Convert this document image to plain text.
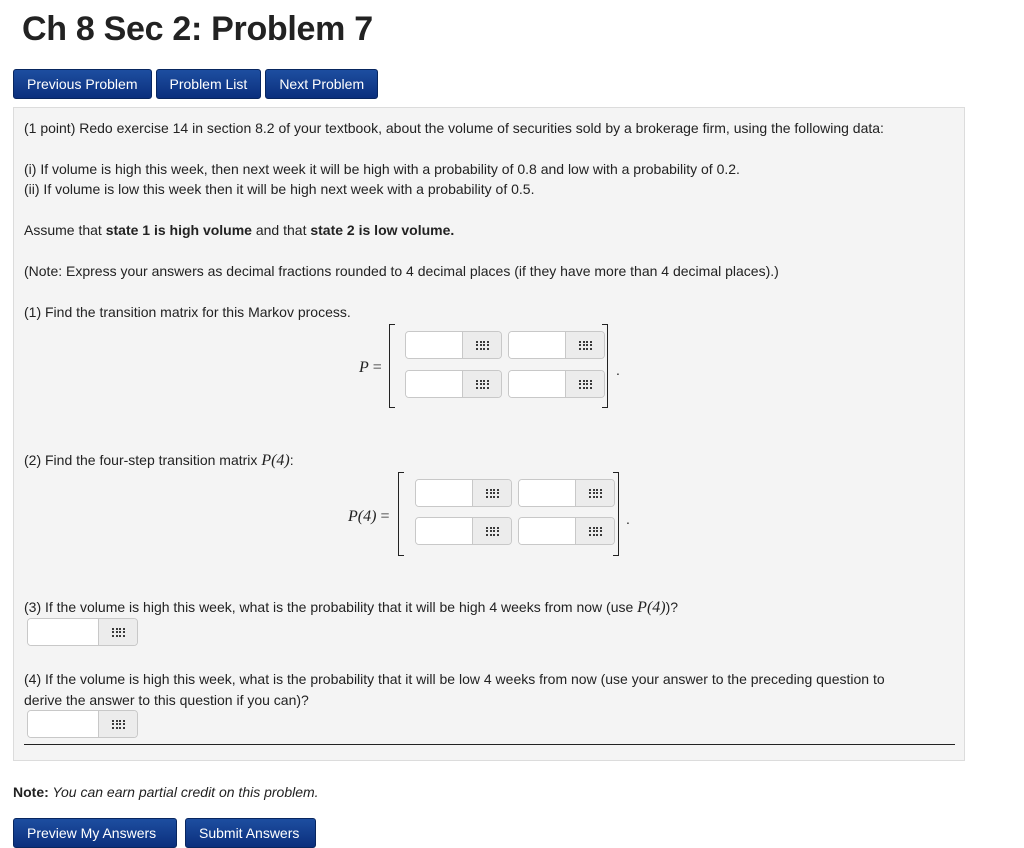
Ch 8 Sec 2: Problem 7
Previous Problem	Problem List	Next Problem

(1 point) Redo exercise 14 in section 8.2 of your textbook, about the volume of securities sold by a brokerage firm, using the following data:

(i) If volume is high this week, then next week it will be high with a probability of 0.8 and low with a probability of 0.2.

(ii) If volume is low this week then it will be high next week with a probability of 0.5.

Assume that state 1 is high volume and that state 2 is low volume.

(Note: Express your answers as decimal fractions rounded to 4 decimal places (if they have more than 4 decimal places).)

(1) Find the transition matrix for this Markov process.

P =	.

(2) Find the four-step transition matrix P(4):

P(4) =	.

(3) If the volume is high this week, what is the probability that it will be high 4 weeks from now (use P(4))?

(4) If the volume is high this week, what is the probability that it will be low 4 weeks from now (use your answer to the preceding question to derive the answer to this question if you can)?

Note: You can earn partial credit on this problem.

Preview My Answers	Submit Answers
